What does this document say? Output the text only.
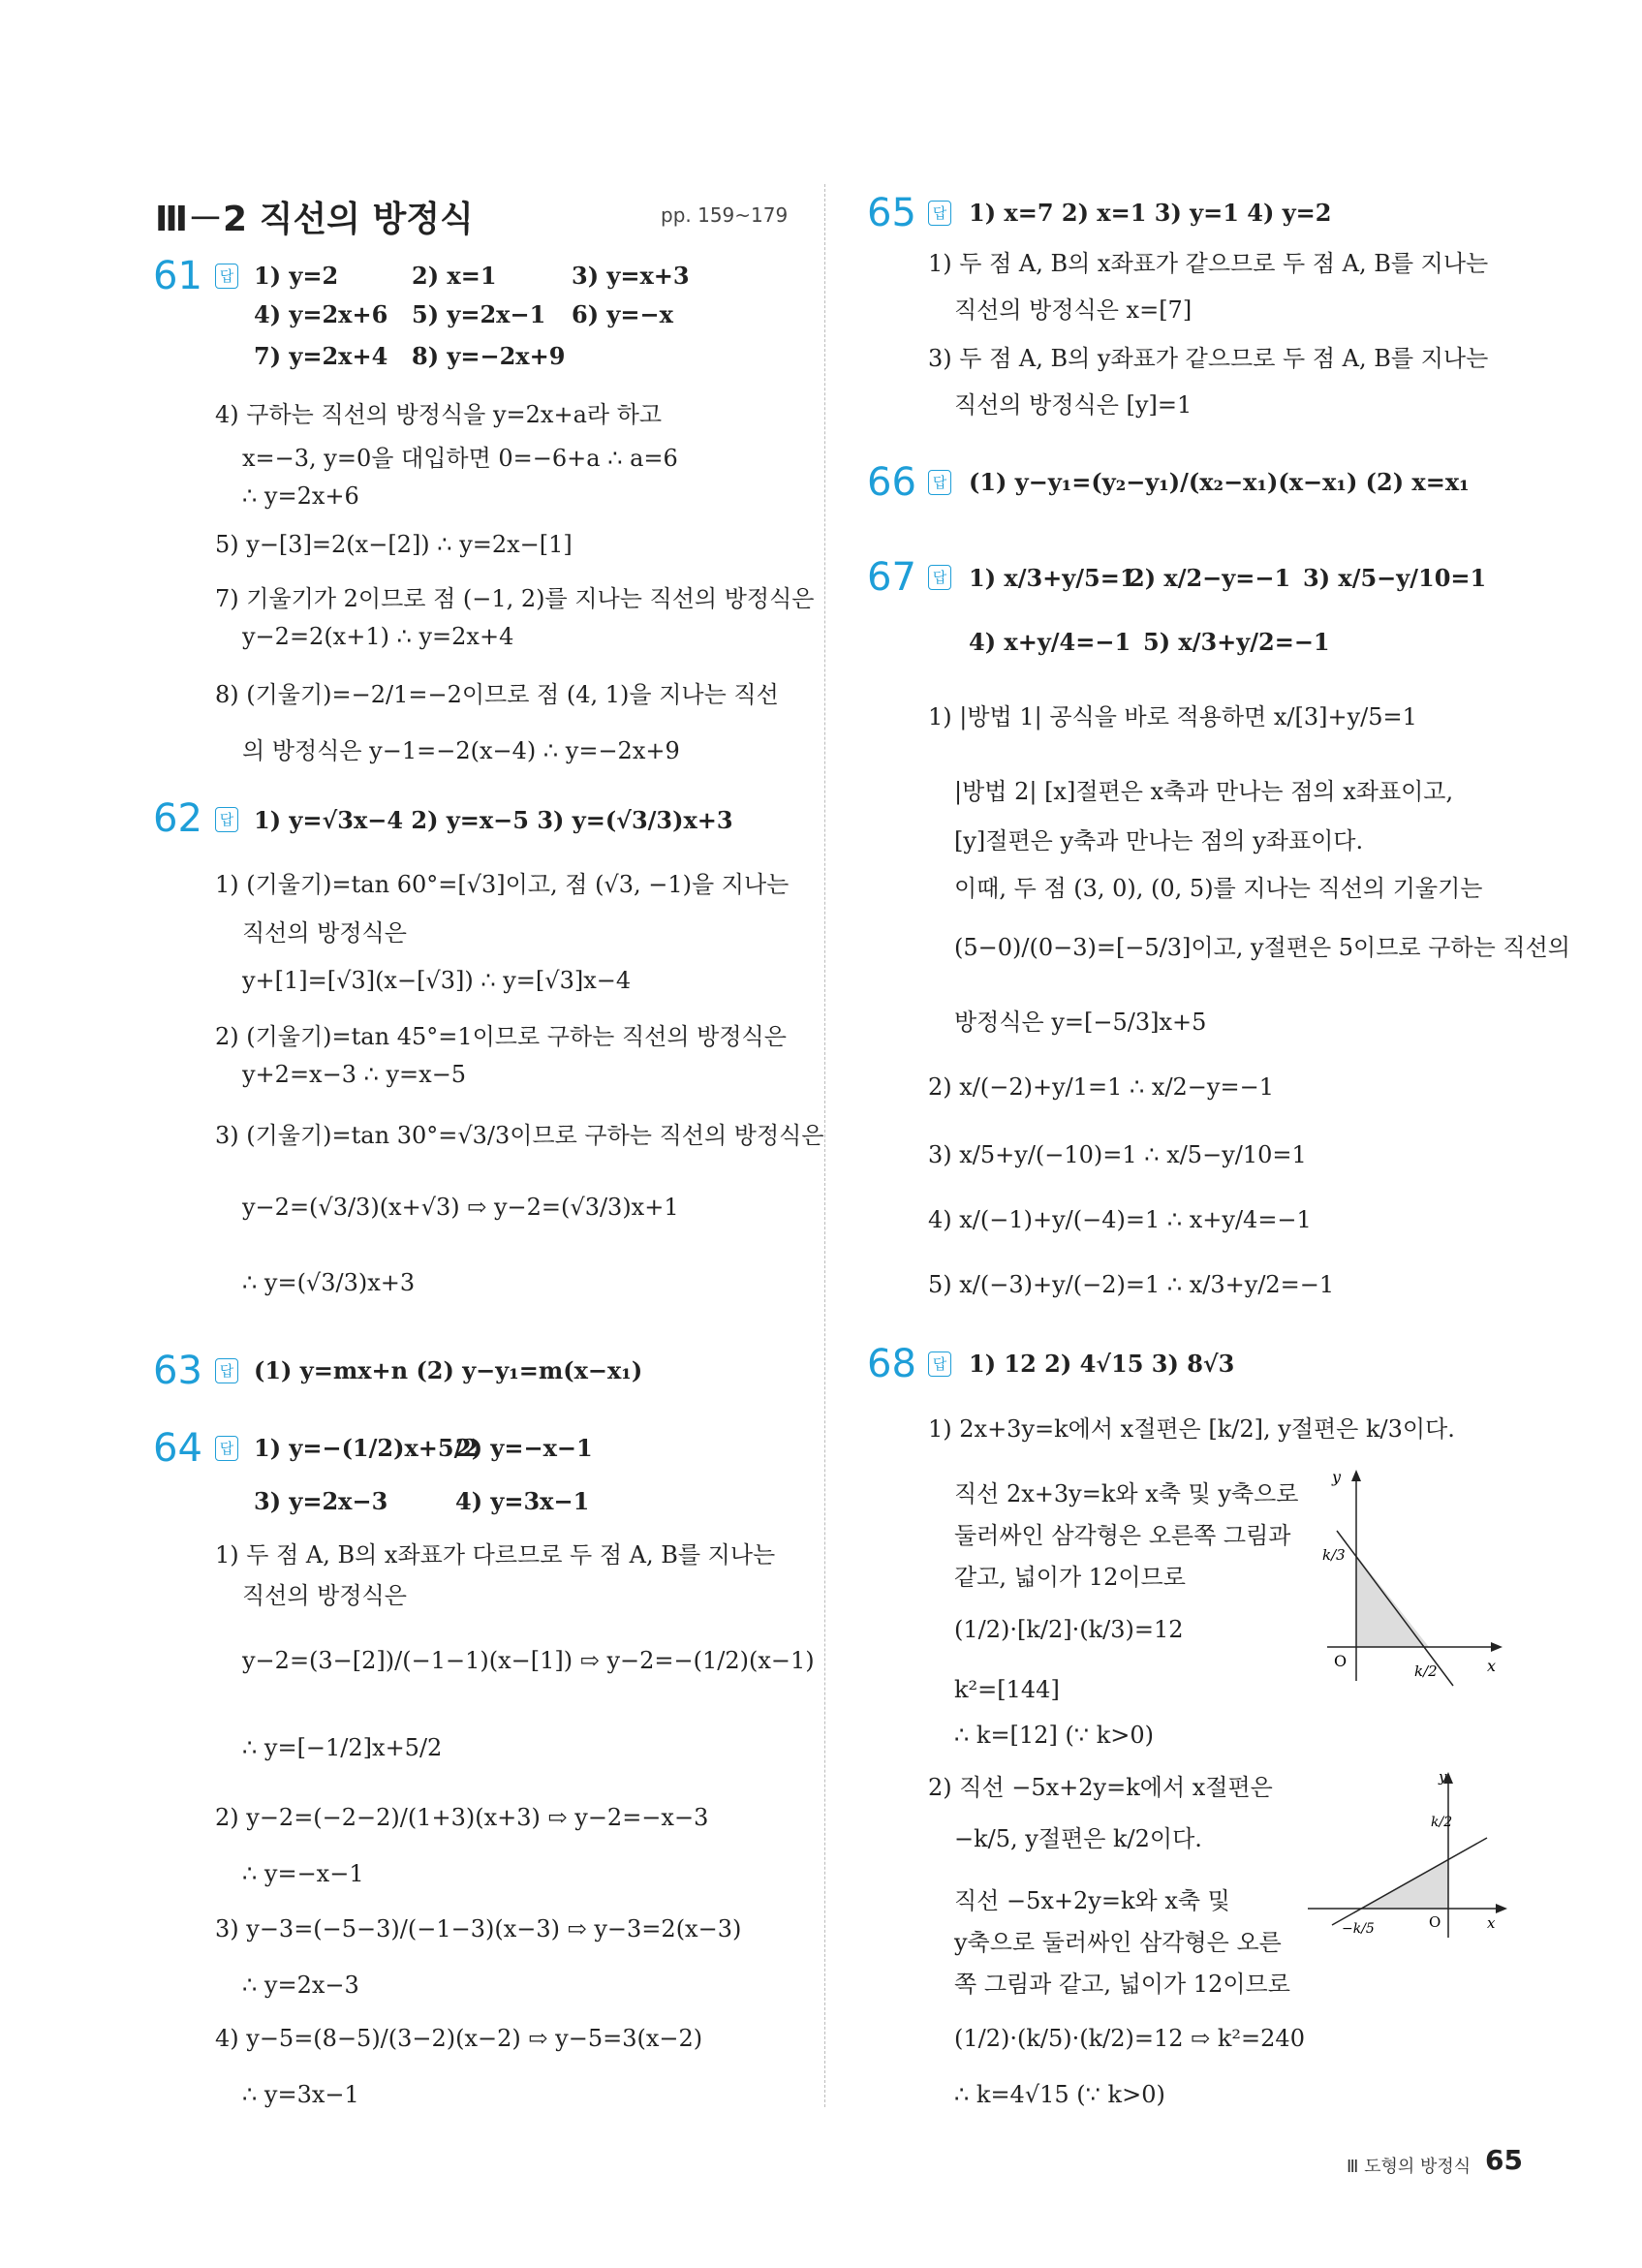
Ⅲ－2 직선의 방정식	pp. 159~179
61	답 1) y=2	2) x=1	3) y=x+3
4) y=2x+6 5) y=2x−1 6) y=−x
7) y=2x+4 8) y=−2x+9
4) 구하는 직선의 방정식을 y=2x+a라 하고
x=−3, y=0을 대입하면 0=−6+a ∴ a=6
∴ y=2x+6
5) y−[3]=2(x−[2]) ∴ y=2x−[1]
7) 기울기가 2이므로 점 (−1, 2)를 지나는 직선의 방정식은
y−2=2(x+1) ∴ y=2x+4
8) (기울기)=−2/1=−2이므로 점 (4, 1)을 지나는 직선
의 방정식은 y−1=−2(x−4) ∴ y=−2x+9
62	답 1) y=√3x−4 2) y=x−5 3) y=(√3/3)x+3
1) (기울기)=tan 60°=[√3]이고, 점 (√3, −1)을 지나는
직선의 방정식은
y+[1]=[√3](x−[√3]) ∴ y=[√3]x−4
2) (기울기)=tan 45°=1이므로 구하는 직선의 방정식은
y+2=x−3 ∴ y=x−5
3) (기울기)=tan 30°=√3/3이므로 구하는 직선의 방정식은
y−2=(√3/3)(x+√3) ⇨ y−2=(√3/3)x+1
∴ y=(√3/3)x+3
63	답 (1) y=mx+n (2) y−y₁=m(x−x₁)
64	답 1) y=−(1/2)x+5/2
2) y=−x−1
3) y=2x−3	4) y=3x−1
1) 두 점 A, B의 x좌표가 다르므로 두 점 A, B를 지나는
직선의 방정식은
y−2=(3−[2])/(−1−1)(x−[1]) ⇨ y−2=−(1/2)(x−1)
∴ y=[−1/2]x+5/2
2) y−2=(−2−2)/(1+3)(x+3) ⇨ y−2=−x−3
∴ y=−x−1
3) y−3=(−5−3)/(−1−3)(x−3) ⇨ y−3=2(x−3)
∴ y=2x−3
4) y−5=(8−5)/(3−2)(x−2) ⇨ y−5=3(x−2)
∴ y=3x−1
65	답 1) x=7 2) x=1 3) y=1 4) y=2
1) 두 점 A, B의 x좌표가 같으므로 두 점 A, B를 지나는
직선의 방정식은 x=[7]
3) 두 점 A, B의 y좌표가 같으므로 두 점 A, B를 지나는
직선의 방정식은 [y]=1
66	답 (1) y−y₁=(y₂−y₁)/(x₂−x₁)(x−x₁) (2) x=x₁
67	답 1) x/3+y/5=1
2) x/2−y=−1 3) x/5−y/10=1
4) x+y/4=−1 5) x/3+y/2=−1
1) |방법 1| 공식을 바로 적용하면 x/[3]+y/5=1
|방법 2| [x]절편은 x축과 만나는 점의 x좌표이고,
[y]절편은 y축과 만나는 점의 y좌표이다.
이때, 두 점 (3, 0), (0, 5)를 지나는 직선의 기울기는
(5−0)/(0−3)=[−5/3]이고, y절편은 5이므로 구하는 직선의
방정식은 y=[−5/3]x+5
2) x/(−2)+y/1=1 ∴ x/2−y=−1
3) x/5+y/(−10)=1 ∴ x/5−y/10=1
4) x/(−1)+y/(−4)=1 ∴ x+y/4=−1
5) x/(−3)+y/(−2)=1 ∴ x/3+y/2=−1
68	답 1) 12 2) 4√15 3) 8√3
1) 2x+3y=k에서 x절편은 [k/2], y절편은 k/3이다.
직선 2x+3y=k와 x축 및 y축으로
둘러싸인 삼각형은 오른쪽 그림과
같고, 넓이가 12이므로
(1/2)·[k/2]·(k/3)=12
k²=[144]
∴ k=[12] (∵ k>0)
2) 직선 −5x+2y=k에서 x절편은
−k/5, y절편은 k/2이다.
직선 −5x+2y=k와 x축 및
y축으로 둘러싸인 삼각형은 오른
쪽 그림과 같고, 넓이가 12이므로
(1/2)·(k/5)·(k/2)=12 ⇨ k²=240
∴ k=4√15 (∵ k>0)
y
x
O
k/3
k/2
y
x
O
k/2
−k/5
Ⅲ 도형의 방정식 65
